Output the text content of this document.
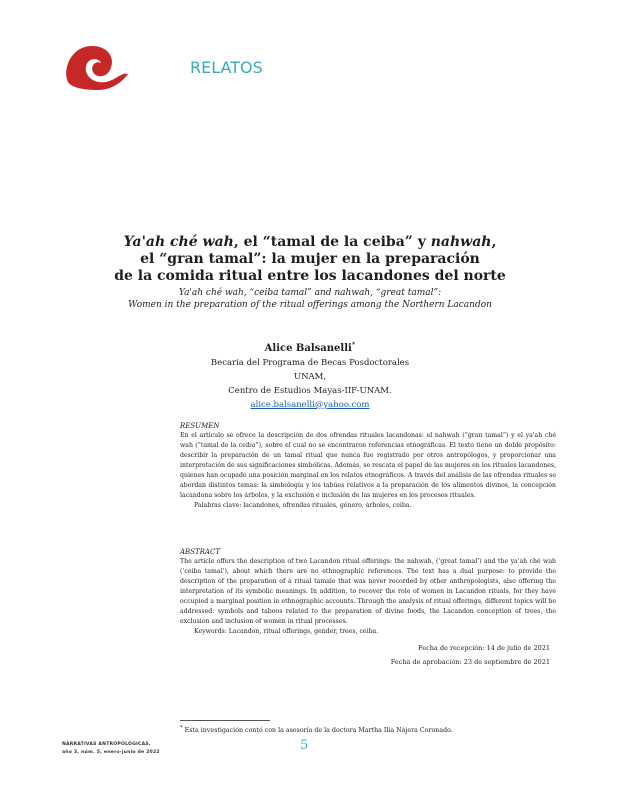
RELATOS

Ya'ah ché wah, el “tamal de la ceiba” y nahwah,
el “gran tamal”: la mujer en la preparación
de la comida ritual entre los lacandones del norte

Ya'ah ché wah, “ceiba tamal” and nahwah, “great tamal”:
Women in the preparation of the ritual offerings among the Northern Lacandon

Alice Balsanelli*
Becaria del Programa de Becas Posdoctorales UNAM,
Centro de Estudios Mayas-IIF-UNAM.
alice.balsanelli@yahoo.com
RESUMEN
En el artículo se ofrece la descripción de dos ofrendas rituales lacandonas: el nahwah (“gran tamal”) y el ya'ah ché wah (“tamal de la ceiba”), sobre el cual no se encontraron referencias etnográficas. El texto tiene un doble propósito: describir la preparación de un tamal ritual que nunca fue registrado por otros antropólogos, y proporcionar una interpretación de sus significaciones simbólicas. Además, se rescata el papel de las mujeres en los rituales lacandones, quienes han ocupado una posición marginal en los relatos etnográficos. A través del análisis de las ofrendas rituales se abordan distintos temas: la simbología y los tabúes relativos a la preparación de los alimentos divinos, la concepción lacandona sobre los árboles, y la exclusión e inclusión de las mujeres en los procesos rituales.
Palabras clave: lacandones, ofrendas rituales, género, árboles, ceiba.
ABSTRACT
The article offers the description of two Lacandon ritual offerings: the nahwah, (‘great tamal’) and the ya'ah ché wah (‘ceiba tamal’), about which there are no ethnographic references. The text has a dual purpose: to provide the description of the preparation of a ritual tamale that was never recorded by other anthropologists, also offering the interpretation of its symbolic meanings. In addition, to recover the role of women in Lacandon rituals, for they have occupied a marginal position in ethnographic accounts. Through the analysis of ritual offerings, different topics will be addressed: symbols and taboos related to the preparation of divine foods, the Lacandon conception of trees, the exclusion and inclusion of women in ritual processes.
Keywords: Lacandon, ritual offerings, gender, trees, ceiba.
Fecha de recepción: 14 de julio de 2021
Fecha de aprobación: 23 de septiembre de 2021
* Esta investigación contó con la asesoría de la doctora Martha Ilia Nájera Coronado.
NARRATIVAS ANTROPOLÓGICAS,
año 3, núm. 5, enero-junio de 2022	5
